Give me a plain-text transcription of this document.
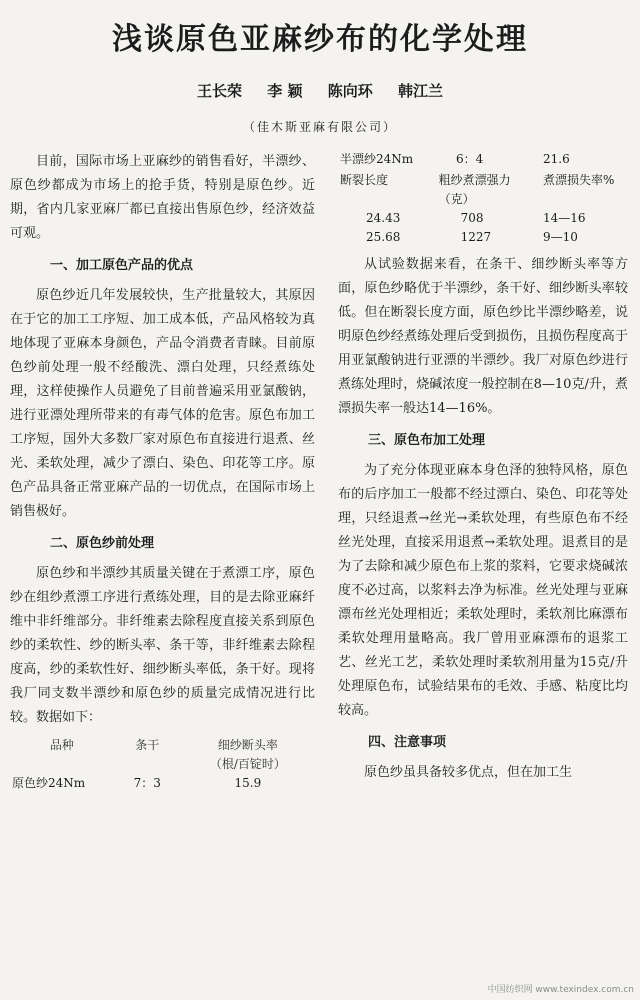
浅谈原色亚麻纱布的化学处理
王长荣 李 颖 陈向环 韩江兰
（佳木斯亚麻有限公司）

目前，国际市场上亚麻纱的销售看好，半漂纱、原色纱都成为市场上的抢手货，特别是原色纱。近期，省内几家亚麻厂都已直接出售原色纱，经济效益可观。

一、加工原色产品的优点

原色纱近几年发展较快，生产批量较大，其原因在于它的加工工序短、加工成本低，产品风格较为真地体现了亚麻本身颜色，产品令消费者青睐。目前原色纱前处理一般不经酸洗、漂白处理，只经煮练处理，这样使操作人员避免了目前普遍采用亚氯酸钠，进行亚漂处理所带来的有毒气体的危害。原色布加工工序短，国外大多数厂家对原色布直接进行退煮、丝光、柔软处理，减少了漂白、染色、印花等工序。原色产品具备正常亚麻产品的一切优点，在国际市场上销售极好。

二、原色纱前处理

原色纱和半漂纱其质量关键在于煮漂工序，原色纱在组纱煮漂工序进行煮练处理，目的是去除亚麻纤维中非纤维部分。非纤维素去除程度直接关系到原色纱的柔软性、纱的断头率、条干等，非纤维素去除程度高，纱的柔软性好、细纱断头率低，条干好。现将我厂同支数半漂纱和原色纱的质量完成情况进行比较。数据如下：

品种	条干	细纱断头率
（根/百锭时）
原色纱24Nm	7：3	15.9
半漂纱24Nm	6：4	21.6
断裂长度	粗纱煮漂强力（克）	煮漂损失率%
24.43	708	14—16
25.68	1227	9—10

从试验数据来看，在条干、细纱断头率等方面，原色纱略优于半漂纱，条干好、细纱断头率较低。但在断裂长度方面，原色纱比半漂纱略差，说明原色纱经煮练处理后受到损伤，且损伤程度高于用亚氯酸钠进行亚漂的半漂纱。我厂对原色纱进行煮练处理时，烧碱浓度一般控制在8—10克/升，煮漂损失率一般达14—16%。

三、原色布加工处理

为了充分体现亚麻本身色泽的独特风格，原色布的后序加工一般都不经过漂白、染色、印花等处理，只经退煮→丝光→柔软处理，有些原色布不经丝光处理，直接采用退煮→柔软处理。退煮目的是为了去除和减少原色布上浆的浆料，它要求烧碱浓度不必过高，以浆料去净为标准。丝光处理与亚麻漂布丝光处理相近；柔软处理时，柔软剂比麻漂布柔软处理用量略高。我厂曾用亚麻漂布的退浆工艺、丝光工艺，柔软处理时柔软剂用量为15克/升处理原色布，试验结果布的毛效、手感、粘度比均较高。

四、注意事项

原色纱虽具备较多优点，但在加工生

中国纺织网 www.texindex.com.cn
